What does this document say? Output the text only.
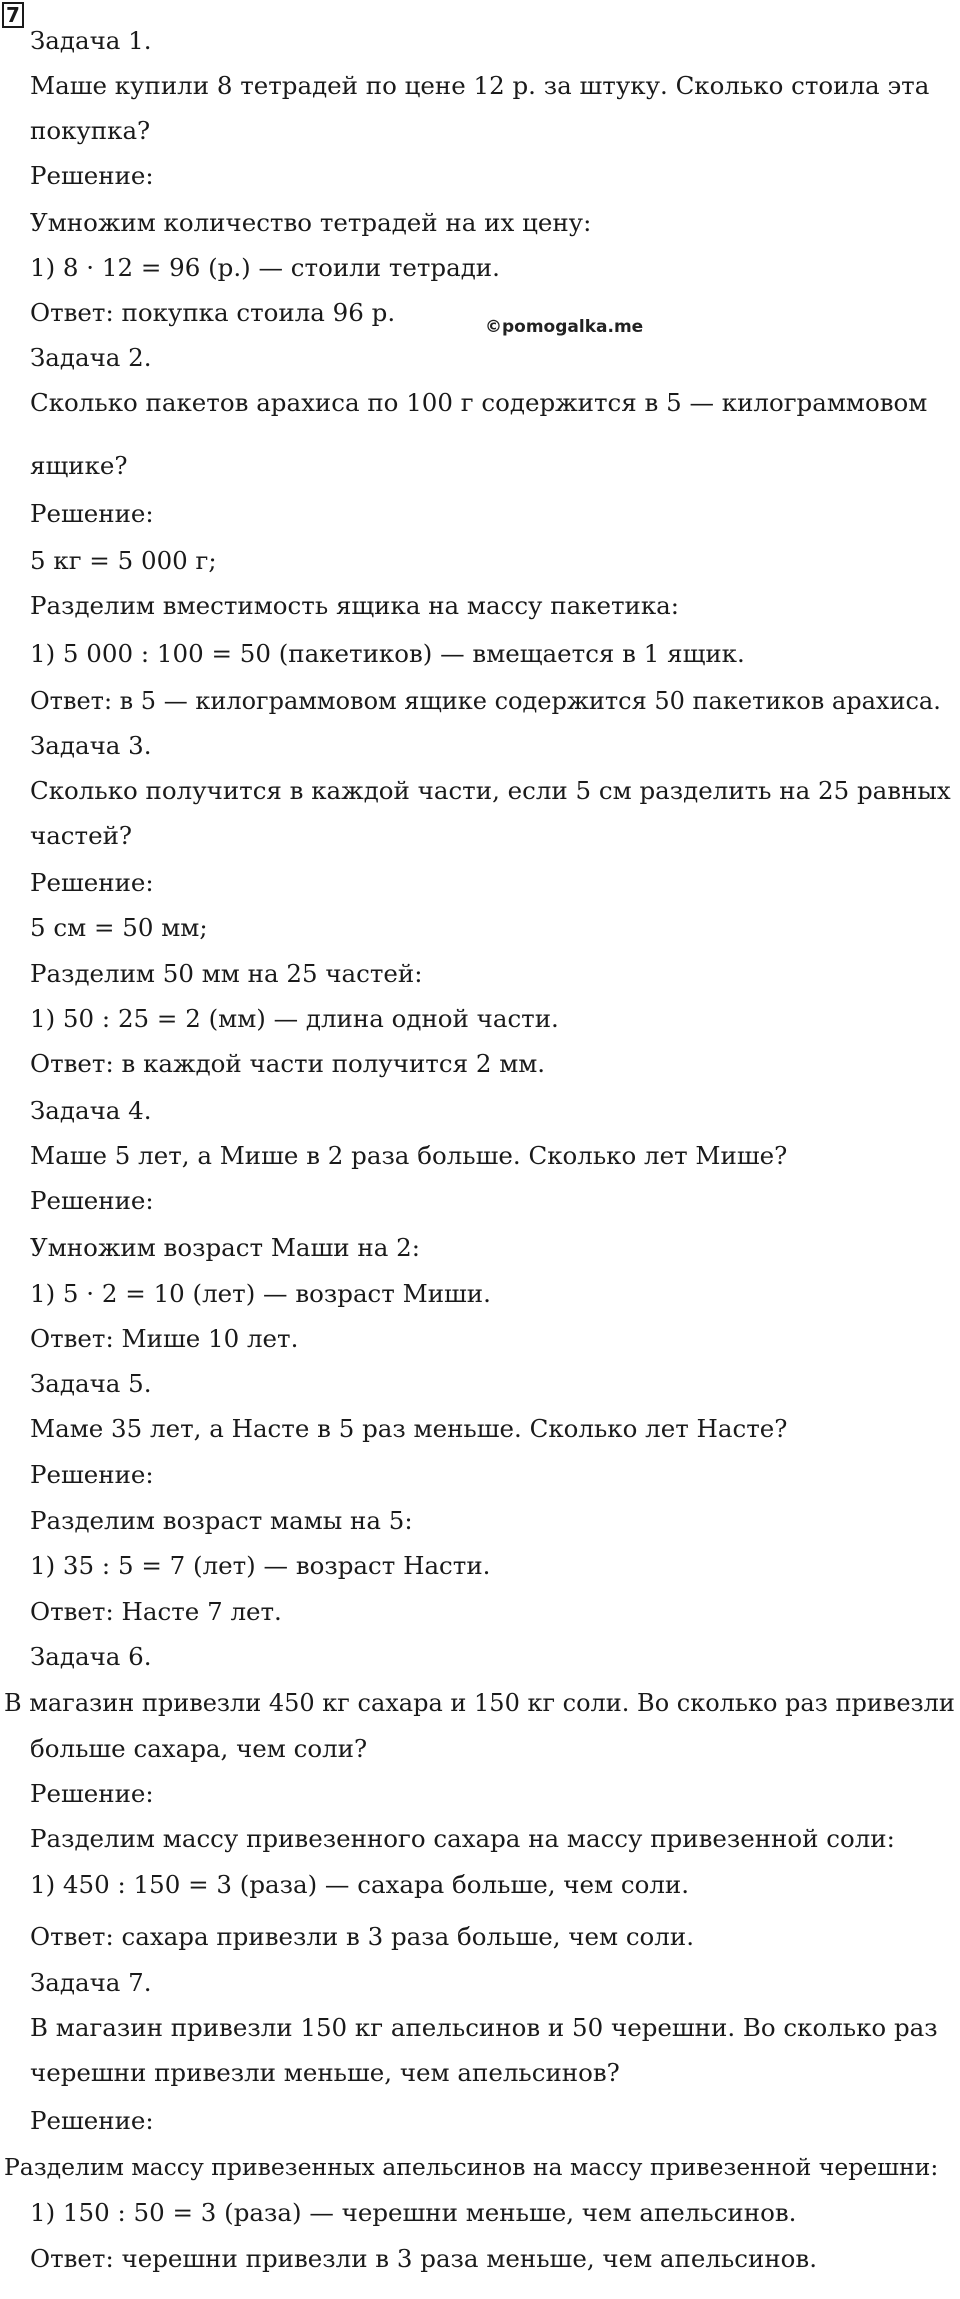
7
©pomogalka.me
Задача 1.
Маше купили 8 тетрадей по цене 12 р. за штуку. Сколько стоила эта
покупка?
Решение:
Умножим количество тетрадей на их цену:
1) 8 · 12 = 96 (р.) — стоили тетради.
Ответ: покупка стоила 96 р.
Задача 2.
Сколько пакетов арахиса по 100 г содержится в 5 — килограммовом
ящике?
Решение:
5 кг = 5 000 г;
Разделим вместимость ящика на массу пакетика:
1) 5 000 : 100 = 50 (пакетиков) — вмещается в 1 ящик.
Ответ: в 5 — килограммовом ящике содержится 50 пакетиков арахиса.
Задача 3.
Сколько получится в каждой части, если 5 см разделить на 25 равных
частей?
Решение:
5 см = 50 мм;
Разделим 50 мм на 25 частей:
1) 50 : 25 = 2 (мм) — длина одной части.
Ответ: в каждой части получится 2 мм.
Задача 4.
Маше 5 лет, а Мише в 2 раза больше. Сколько лет Мише?
Решение:
Умножим возраст Маши на 2:
1) 5 · 2 = 10 (лет) — возраст Миши.
Ответ: Мише 10 лет.
Задача 5.
Маме 35 лет, а Насте в 5 раз меньше. Сколько лет Насте?
Решение:
Разделим возраст мамы на 5:
1) 35 : 5 = 7 (лет) — возраст Насти.
Ответ: Насте 7 лет.
Задача 6.
В магазин привезли 450 кг сахара и 150 кг соли. Во сколько раз привезли
больше сахара, чем соли?
Решение:
Разделим массу привезенного сахара на массу привезенной соли:
1) 450 : 150 = 3 (раза) — сахара больше, чем соли.
Ответ: сахара привезли в 3 раза больше, чем соли.
Задача 7.
В магазин привезли 150 кг апельсинов и 50 черешни. Во сколько раз
черешни привезли меньше, чем апельсинов?
Решение:
Разделим массу привезенных апельсинов на массу привезенной черешни:
1) 150 : 50 = 3 (раза) — черешни меньше, чем апельсинов.
Ответ: черешни привезли в 3 раза меньше, чем апельсинов.
